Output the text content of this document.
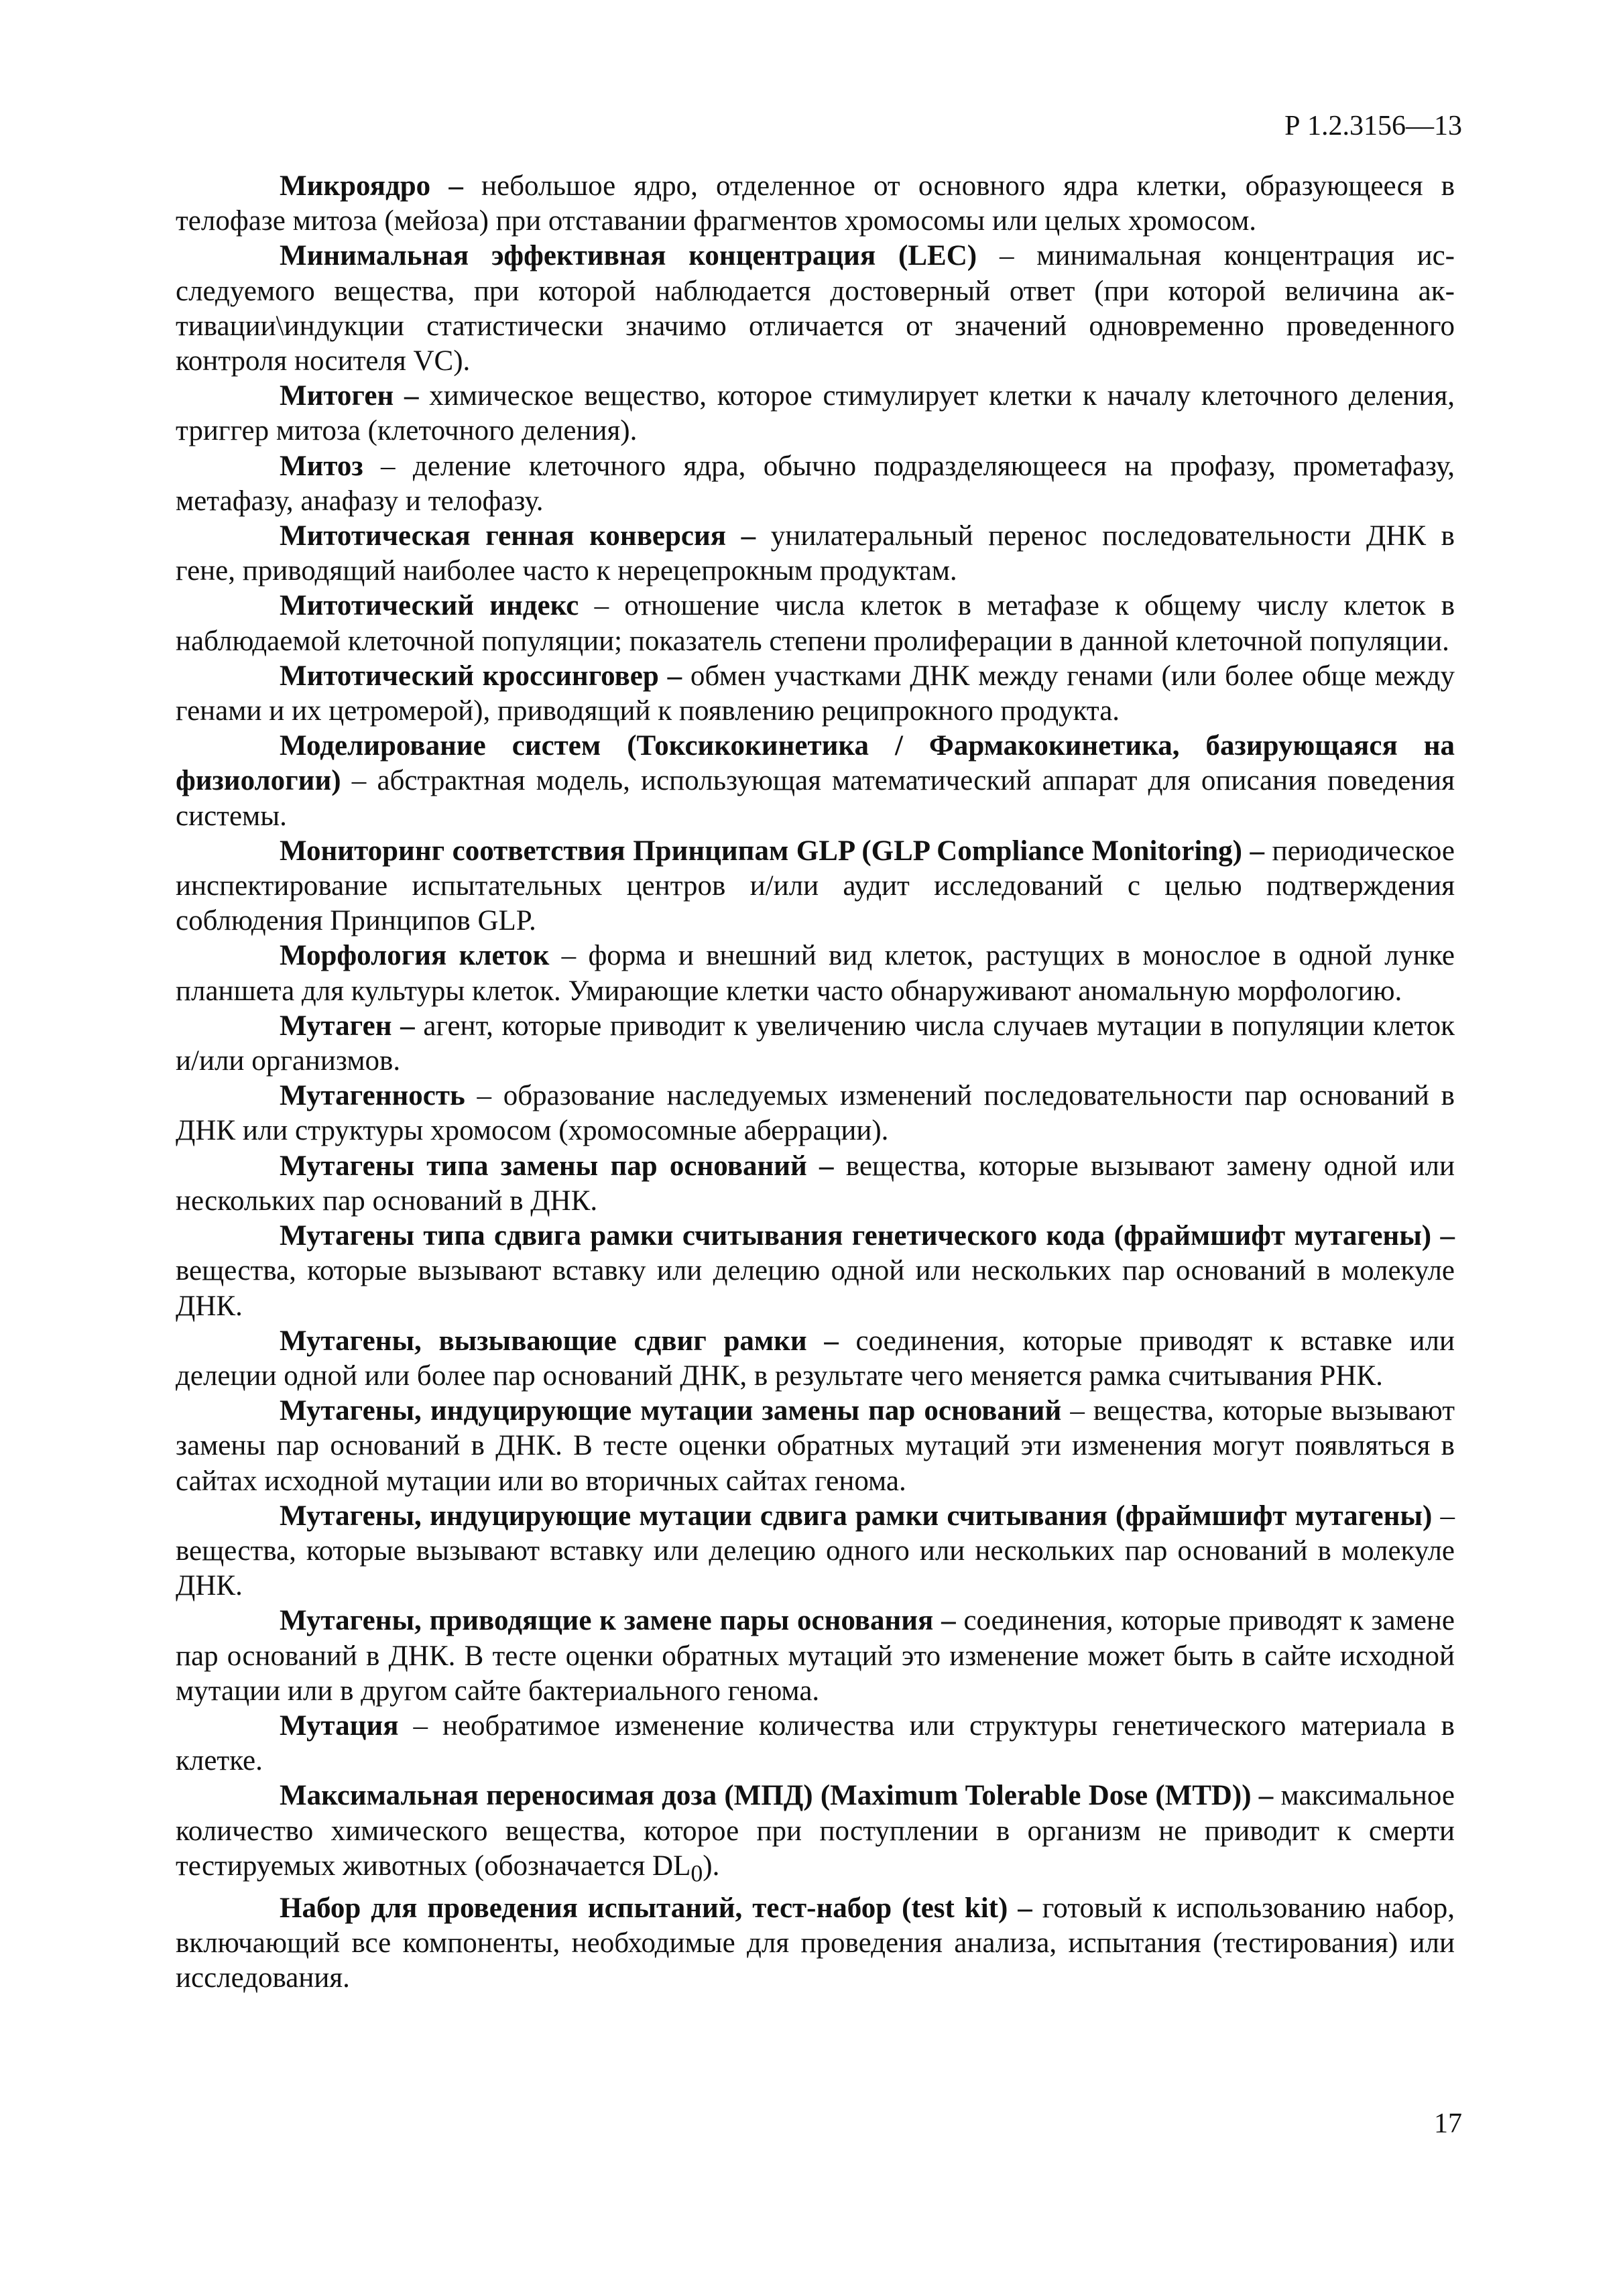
Р 1.2.3156—13

Микроядро – небольшое ядро, отделенное от основного ядра клетки, образующееся в телофазе митоза (мейоза) при отставании фрагментов хромосомы или целых хромосом.

Минимальная эффективная концентрация (LEC) – минимальная концентрация исследуемого вещества, при которой наблюдается достоверный ответ (при которой величина активации\индукции статистически значимо отличается от значений одновременно проведенного контроля носителя VC).

Митоген – химическое вещество, которое стимулирует клетки к началу клеточного деления, триггер митоза (клеточного деления).

Митоз – деление клеточного ядра, обычно подразделяющееся на профазу, прометафазу, метафазу, анафазу и телофазу.

Митотическая генная конверсия – унилатеральный перенос последовательности ДНК в гене, приводящий наиболее часто к нерецепрокным продуктам.

Митотический индекс – отношение числа клеток в метафазе к общему числу клеток в наблюдаемой клеточной популяции; показатель степени пролиферации в данной клеточной популяции.

Митотический кроссинговер – обмен участками ДНК между генами (или более обще между генами и их цетромерой), приводящий к появлению реципрокного продукта.

Моделирование систем (Токсикокинетика / Фармакокинетика, базирующаяся на физиологии) – абстрактная модель, использующая математический аппарат для описания поведения системы.

Мониторинг соответствия Принципам GLP (GLP Compliance Monitoring) – периодическое инспектирование испытательных центров и/или аудит исследований с целью подтверждения соблюдения Принципов GLP.

Морфология клеток – форма и внешний вид клеток, растущих в монослое в одной лунке планшета для культуры клеток. Умирающие клетки часто обнаруживают аномальную морфологию.

Мутаген – агент, которые приводит к увеличению числа случаев мутации в популяции клеток и/или организмов.

Мутагенность – образование наследуемых изменений последовательности пар оснований в ДНК или структуры хромосом (хромосомные аберрации).

Мутагены типа замены пар оснований – вещества, которые вызывают замену одной или нескольких пар оснований в ДНК.

Мутагены типа сдвига рамки считывания генетического кода (фраймшифт мутагены) – вещества, которые вызывают вставку или делецию одной или нескольких пар оснований в молекуле ДНК.

Мутагены, вызывающие сдвиг рамки – соединения, которые приводят к вставке или делеции одной или более пар оснований ДНК, в результате чего меняется рамка считывания РНК.

Мутагены, индуцирующие мутации замены пар оснований – вещества, которые вызывают замены пар оснований в ДНК. В тесте оценки обратных мутаций эти изменения могут появляться в сайтах исходной мутации или во вторичных сайтах генома.

Мутагены, индуцирующие мутации сдвига рамки считывания (фраймшифт мутагены) – вещества, которые вызывают вставку или делецию одного или нескольких пар оснований в молекуле ДНК.

Мутагены, приводящие к замене пары основания – соединения, которые приводят к замене пар оснований в ДНК. В тесте оценки обратных мутаций это изменение может быть в сайте исходной мутации или в другом сайте бактериального генома.

Мутация – необратимое изменение количества или структуры генетического материала в клетке.

Максимальная переносимая доза (МПД) (Maximum Tolerable Dose (MTD)) – максимальное количество химического вещества, которое при поступлении в организм не приводит к смерти тестируемых животных (обозначается $DL_0$).

Набор для проведения испытаний, тест-набор (test kit) – готовый к использованию набор, включающий все компоненты, необходимые для проведения анализа, испытания (тестирования) или исследования.

17
